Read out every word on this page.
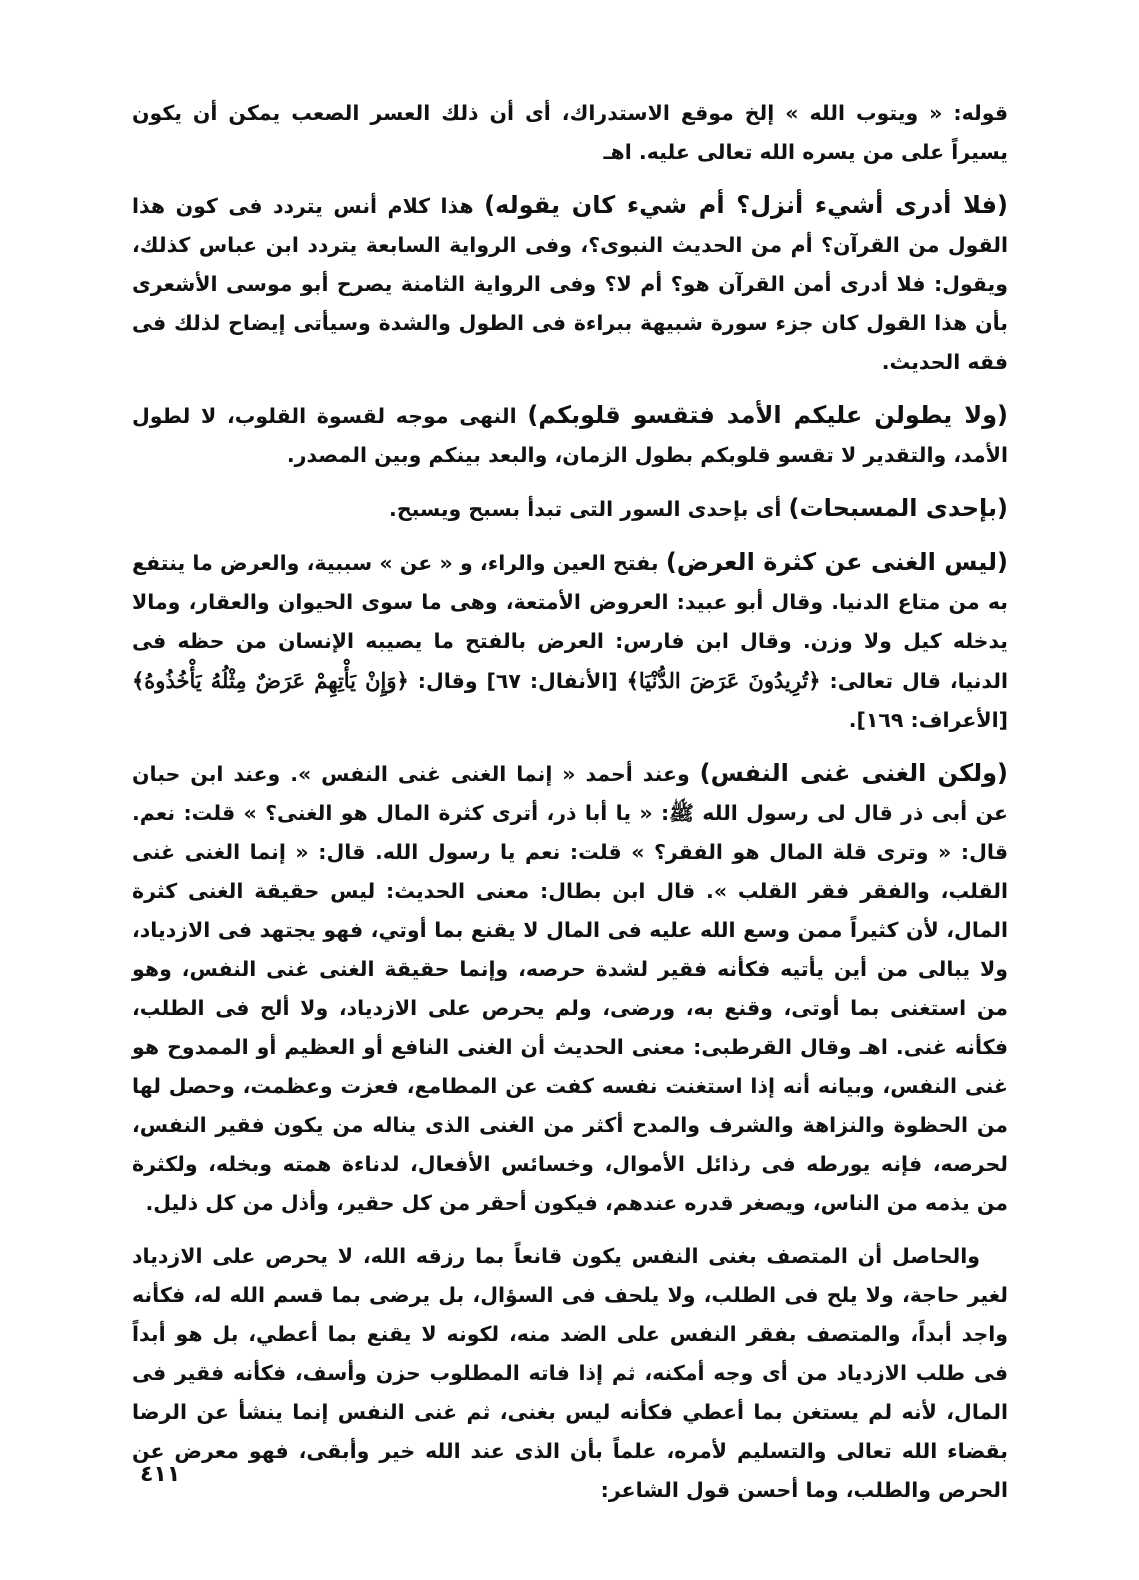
قوله: « ويتوب الله » إلخ موقع الاستدراك، أى أن ذلك العسر الصعب يمكن أن يكون يسيراً على من يسره الله تعالى عليه. اهـ

(فلا أدرى أشيء أنزل؟ أم شيء كان يقوله) هذا كلام أنس يتردد فى كون هذا القول من القرآن؟ أم من الحديث النبوى؟، وفى الرواية السابعة يتردد ابن عباس كذلك، ويقول: فلا أدرى أمن القرآن هو؟ أم لا؟ وفى الرواية الثامنة يصرح أبو موسى الأشعرى بأن هذا القول كان جزء سورة شبيهة ببراءة فى الطول والشدة وسيأتى إيضاح لذلك فى فقه الحديث.

(ولا يطولن عليكم الأمد فتقسو قلوبكم) النهى موجه لقسوة القلوب، لا لطول الأمد، والتقدير لا تقسو قلوبكم بطول الزمان، والبعد بينكم وبين المصدر.

(بإحدى المسبحات) أى بإحدى السور التى تبدأ بسبح ويسبح.

(ليس الغنى عن كثرة العرض) بفتح العين والراء، و « عن » سببية، والعرض ما ينتفع به من متاع الدنيا. وقال أبو عبيد: العروض الأمتعة، وهى ما سوى الحيوان والعقار، ومالا يدخله كيل ولا وزن. وقال ابن فارس: العرض بالفتح ما يصيبه الإنسان من حظه فى الدنيا، قال تعالى: ﴿تُرِيدُونَ عَرَضَ الدُّنْيَا﴾ [الأنفال: ٦٧] وقال: ﴿وَإِنْ يَأْتِهِمْ عَرَضٌ مِثْلُهُ يَأْخُذُوهُ﴾ [الأعراف: ١٦٩].

(ولكن الغنى غنى النفس) وعند أحمد « إنما الغنى غنى النفس ». وعند ابن حبان عن أبى ذر قال لى رسول الله ﷺ: « يا أبا ذر، أترى كثرة المال هو الغنى؟ » قلت: نعم. قال: « وترى قلة المال هو الفقر؟ » قلت: نعم يا رسول الله. قال: « إنما الغنى غنى القلب، والفقر فقر القلب ». قال ابن بطال: معنى الحديث: ليس حقيقة الغنى كثرة المال، لأن كثيراً ممن وسع الله عليه فى المال لا يقنع بما أوتي، فهو يجتهد فى الازدياد، ولا يبالى من أين يأتيه فكأنه فقير لشدة حرصه، وإنما حقيقة الغنى غنى النفس، وهو من استغنى بما أوتى، وقنع به، ورضى، ولم يحرص على الازدياد، ولا ألح فى الطلب، فكأنه غنى. اهـ وقال القرطبى: معنى الحديث أن الغنى النافع أو العظيم أو الممدوح هو غنى النفس، وبيانه أنه إذا استغنت نفسه كفت عن المطامع، فعزت وعظمت، وحصل لها من الحظوة والنزاهة والشرف والمدح أكثر من الغنى الذى يناله من يكون فقير النفس، لحرصه، فإنه يورطه فى رذائل الأموال، وخسائس الأفعال، لدناءة همته وبخله، ولكثرة من يذمه من الناس، ويصغر قدره عندهم، فيكون أحقر من كل حقير، وأذل من كل ذليل.

والحاصل أن المتصف بغنى النفس يكون قانعاً بما رزقه الله، لا يحرص على الازدياد لغير حاجة، ولا يلح فى الطلب، ولا يلحف فى السؤال، بل يرضى بما قسم الله له، فكأنه واجد أبداً، والمتصف بفقر النفس على الضد منه، لكونه لا يقنع بما أعطي، بل هو أبداً فى طلب الازدياد من أى وجه أمكنه، ثم إذا فاته المطلوب حزن وأسف، فكأنه فقير فى المال، لأنه لم يستغن بما أعطي فكأنه ليس بغنى، ثم غنى النفس إنما ينشأ عن الرضا بقضاء الله تعالى والتسليم لأمره، علماً بأن الذى عند الله خير وأبقى، فهو معرض عن الحرص والطلب، وما أحسن قول الشاعر:

٤١١
